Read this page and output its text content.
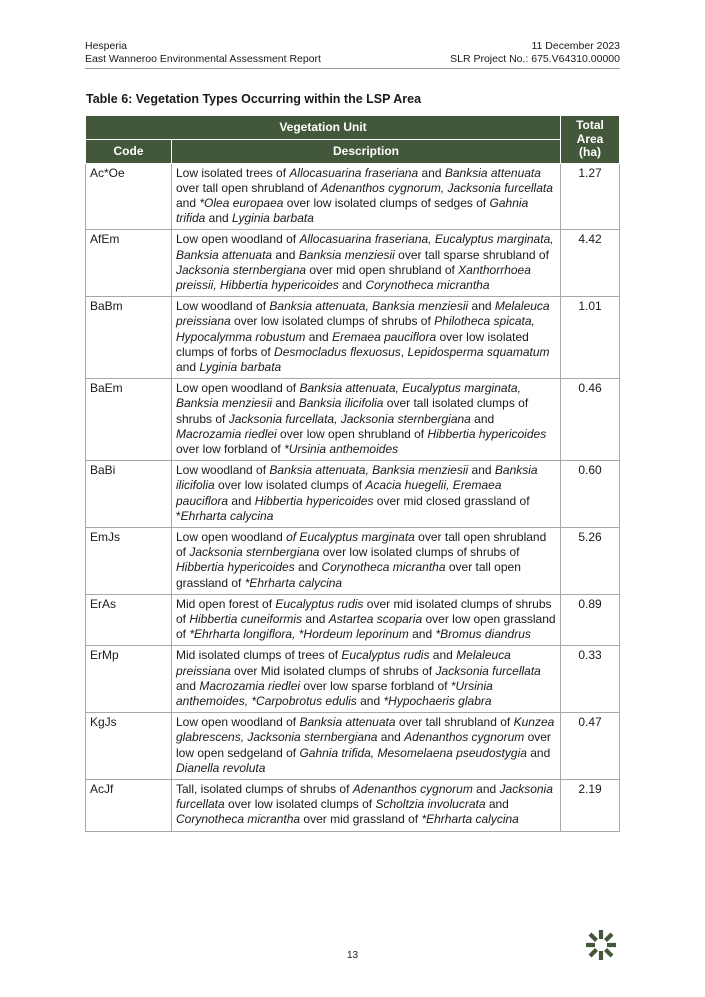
Hesperia
East Wanneroo Environmental Assessment Report
11 December 2023
SLR Project No.: 675.V64310.00000
Table 6: Vegetation Types Occurring within the LSP Area
Vegetation Unit		Total
Area
(ha)

Code	Description	
Ac*Oe	Low isolated trees of Allocasuarina fraseriana and Banksia attenuata over tall open shrubland of Adenanthos cygnorum, Jacksonia furcellata and *Olea europaea over low isolated clumps of sedges of Gahnia trifida and Lyginia barbata	1.27
AfEm	Low open woodland of Allocasuarina fraseriana, Eucalyptus marginata, Banksia attenuata and Banksia menziesii over tall sparse shrubland of Jacksonia sternbergiana over mid open shrubland of Xanthorrhoea preissii, Hibbertia hypericoides and Corynotheca micrantha	4.42
BaBm	Low woodland of Banksia attenuata, Banksia menziesii and Melaleuca preissiana over low isolated clumps of shrubs of Philotheca spicata, Hypocalymma robustum and Eremaea pauciflora over low isolated clumps of forbs of Desmocladus flexuosus, Lepidosperma squamatum and Lyginia barbata	1.01
BaEm	Low open woodland of Banksia attenuata, Eucalyptus marginata, Banksia menziesii and Banksia ilicifolia over tall isolated clumps of shrubs of Jacksonia furcellata, Jacksonia sternbergiana and Macrozamia riedlei over low open shrubland of Hibbertia hypericoides over low forbland of *Ursinia anthemoides	0.46
BaBi	Low woodland of Banksia attenuata, Banksia menziesii and Banksia ilicifolia over low isolated clumps of Acacia huegelii, Eremaea pauciflora and Hibbertia hypericoides over mid closed grassland of *Ehrharta calycina	0.60
EmJs	Low open woodland of Eucalyptus marginata over tall open shrubland of Jacksonia sternbergiana over low isolated clumps of shrubs of Hibbertia hypericoides and Corynotheca micrantha over tall open grassland of *Ehrharta calycina	5.26
ErAs	Mid open forest of Eucalyptus rudis over mid isolated clumps of shrubs of Hibbertia cuneiformis and Astartea scoparia over low open grassland of *Ehrharta longiflora, *Hordeum leporinum and *Bromus diandrus	0.89
ErMp	Mid isolated clumps of trees of Eucalyptus rudis and Melaleuca preissiana over Mid isolated clumps of shrubs of Jacksonia furcellata and Macrozamia riedlei over low sparse forbland of *Ursinia anthemoides, *Carpobrotus edulis and *Hypochaeris glabra	0.33
KgJs	Low open woodland of Banksia attenuata over tall shrubland of Kunzea glabrescens, Jacksonia sternbergiana and Adenanthos cygnorum over low open sedgeland of Gahnia trifida, Mesomelaena pseudostygia and Dianella revoluta	0.47
AcJf	Tall, isolated clumps of shrubs of Adenanthos cygnorum and Jacksonia furcellata over low isolated clumps of Scholtzia involucrata and Corynotheca micrantha over mid grassland of *Ehrharta calycina	2.19
13
